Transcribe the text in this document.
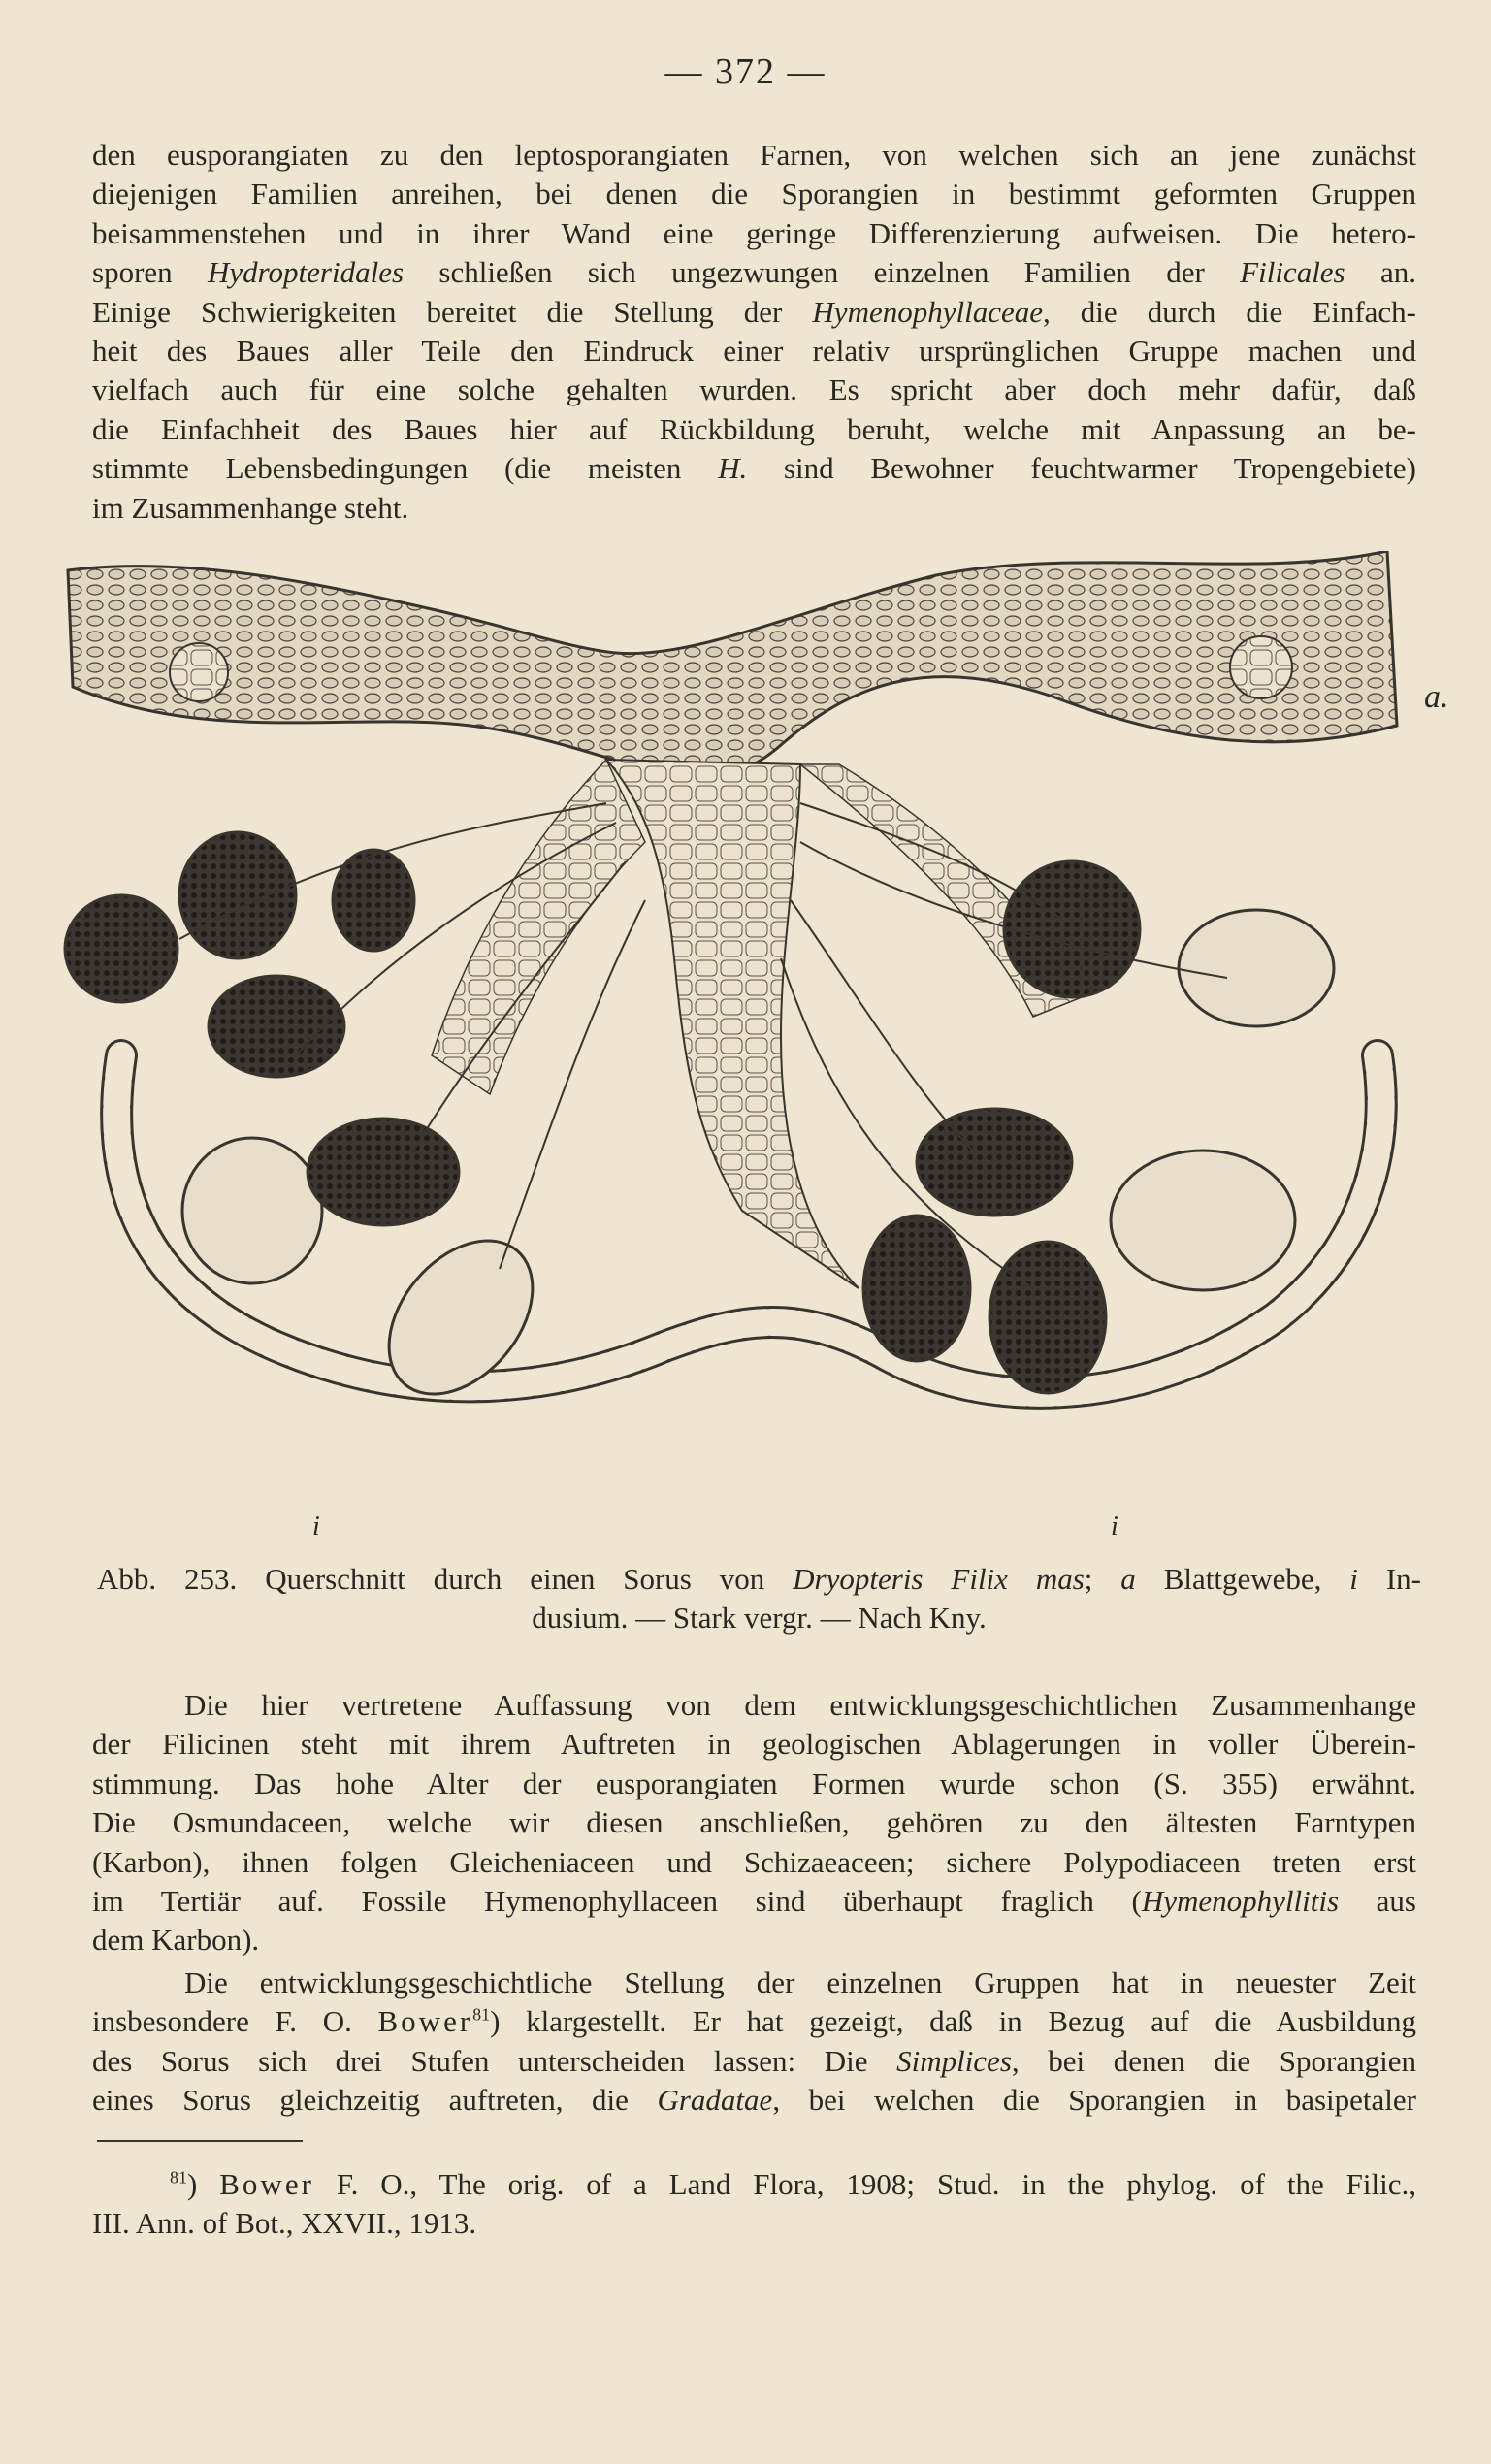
— 372 —

den eusporangiaten zu den leptosporangiaten Farnen, von welchen sich an jene zunächst
diejenigen Familien anreihen, bei denen die Sporangien in bestimmt geformten Gruppen
beisammenstehen und in ihrer Wand eine geringe Differenzierung aufweisen. Die hetero-
sporen Hydropteridales schließen sich ungezwungen einzelnen Familien der Filicales an.
Einige Schwierigkeiten bereitet die Stellung der Hymenophyllaceae, die durch die Einfach-
heit des Baues aller Teile den Eindruck einer relativ ursprünglichen Gruppe machen und
vielfach auch für eine solche gehalten wurden. Es spricht aber doch mehr dafür, daß
die Einfachheit des Baues hier auf Rückbildung beruht, welche mit Anpassung an be-
stimmte Lebensbedingungen (die meisten H. sind Bewohner feuchtwarmer Tropengebiete)
im Zusammenhange steht.

a.
i	i

Abb. 253. Querschnitt durch einen Sorus von Dryopteris Filix mas; a Blattgewebe, i In-
dusium. — Stark vergr. — Nach Kny.

Die hier vertretene Auffassung von dem entwicklungsgeschichtlichen Zusammenhange
der Filicinen steht mit ihrem Auftreten in geologischen Ablagerungen in voller Überein-
stimmung. Das hohe Alter der eusporangiaten Formen wurde schon (S. 355) erwähnt.
Die Osmundaceen, welche wir diesen anschließen, gehören zu den ältesten Farntypen
(Karbon), ihnen folgen Gleicheniaceen und Schizaeaceen; sichere Polypodiaceen treten erst
im Tertiär auf. Fossile Hymenophyllaceen sind überhaupt fraglich (Hymenophyllitis aus
dem Karbon).

Die entwicklungsgeschichtliche Stellung der einzelnen Gruppen hat in neuester Zeit
insbesondere F. O. Bower$^{81}$) klargestellt. Er hat gezeigt, daß in Bezug auf die Ausbildung
des Sorus sich drei Stufen unterscheiden lassen: Die Simplices, bei denen die Sporangien
eines Sorus gleichzeitig auftreten, die Gradatae, bei welchen die Sporangien in basipetaler

$^{81}$) Bower F. O., The orig. of a Land Flora, 1908; Stud. in the phylog. of the Filic.,
III. Ann. of Bot., XXVII., 1913.
